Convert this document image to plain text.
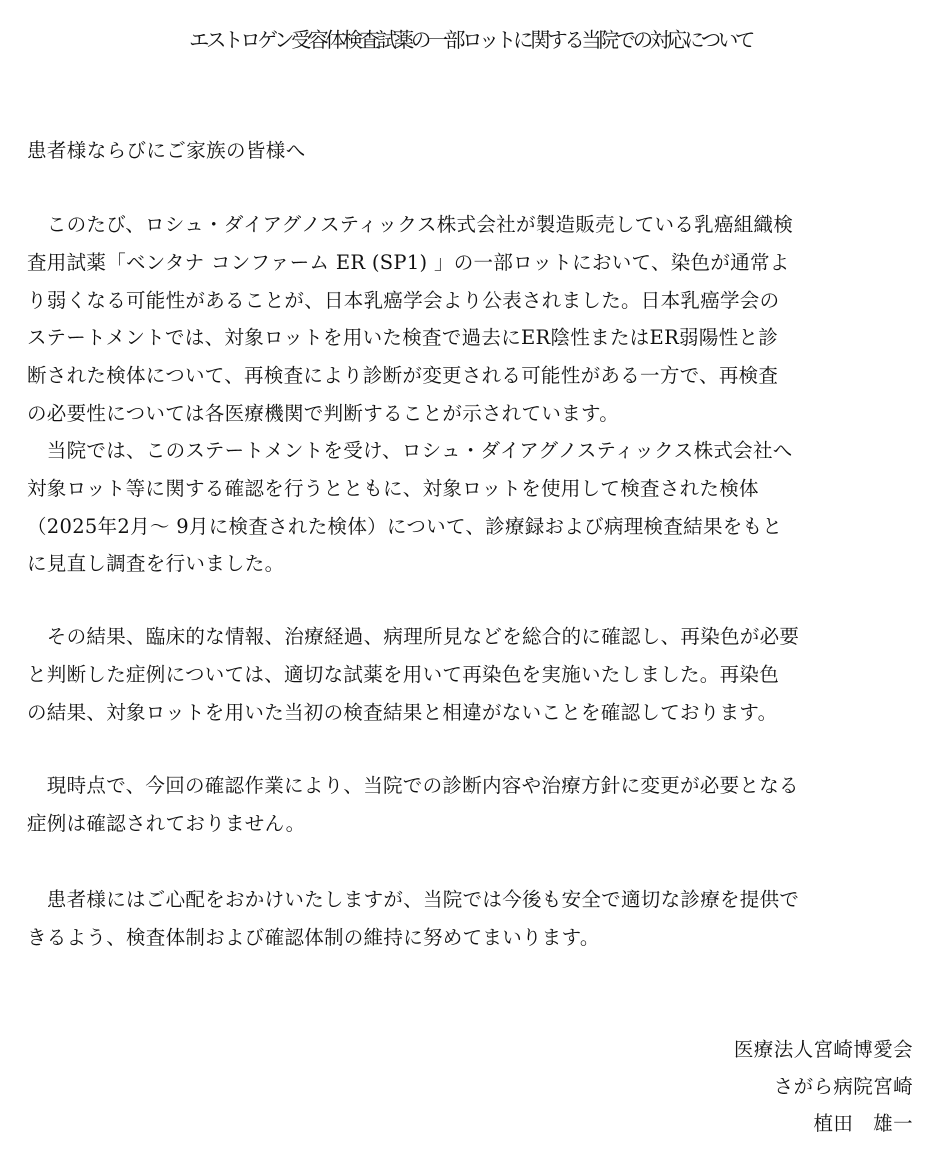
エストロゲン受容体検査試薬の一部ロットに関する当院での対応について
患者様ならびにご家族の皆様へ
　このたび、ロシュ・ダイアグノスティックス株式会社が製造販売している乳癌組織検
査用試薬「ベンタナ コンファーム ER (SP1) 」の一部ロットにおいて、染色が通常よ
り弱くなる可能性があることが、日本乳癌学会より公表されました。日本乳癌学会の
ステートメントでは、対象ロットを用いた検査で過去にER陰性またはER弱陽性と診
断された検体について、再検査により診断が変更される可能性がある一方で、再検査
の必要性については各医療機関で判断することが示されています。
　当院では、このステートメントを受け、ロシュ・ダイアグノスティックス株式会社へ
対象ロット等に関する確認を行うとともに、対象ロットを使用して検査された検体
（2025年2月～ 9月に検査された検体）について、診療録および病理検査結果をもと
に見直し調査を行いました。
　その結果、臨床的な情報、治療経過、病理所見などを総合的に確認し、再染色が必要
と判断した症例については、適切な試薬を用いて再染色を実施いたしました。再染色
の結果、対象ロットを用いた当初の検査結果と相違がないことを確認しております。
　現時点で、今回の確認作業により、当院での診断内容や治療方針に変更が必要となる
症例は確認されておりません。
　患者様にはご心配をおかけいたしますが、当院では今後も安全で適切な診療を提供で
きるよう、検査体制および確認体制の維持に努めてまいります。
医療法人宮崎博愛会
さがら病院宮崎
植田　雄一
